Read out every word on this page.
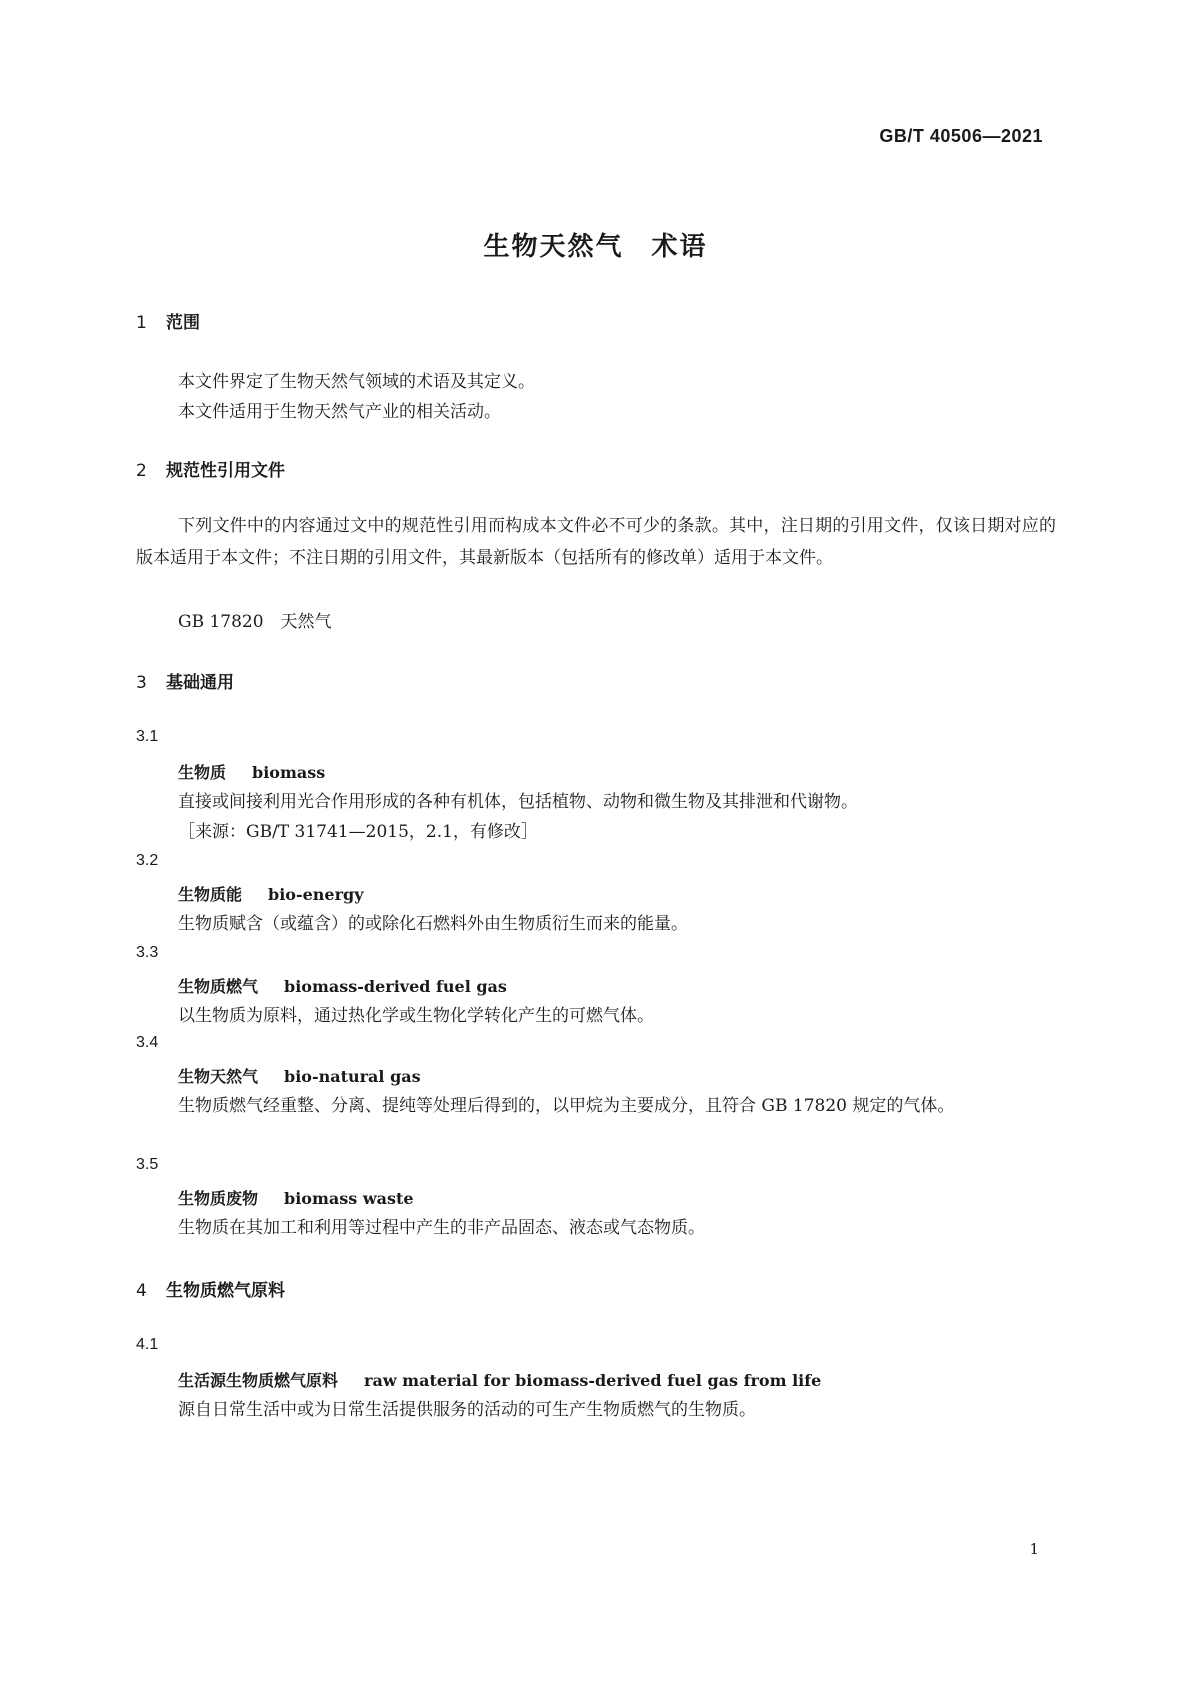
GB/T 40506—2021
生物天然气　术语
1 范围
本文件界定了生物天然气领域的术语及其定义。
本文件适用于生物天然气产业的相关活动。
2 规范性引用文件
下列文件中的内容通过文中的规范性引用而构成本文件必不可少的条款。其中，注日期的引用文件，仅该日期对应的版本适用于本文件；不注日期的引用文件，其最新版本（包括所有的修改单）适用于本文件。
GB 17820　天然气
3 基础通用
3.1
生物质 biomass
直接或间接利用光合作用形成的各种有机体，包括植物、动物和微生物及其排泄和代谢物。
［来源：GB/T 31741—2015，2.1，有修改］
3.2
生物质能 bio-energy
生物质赋含（或蕴含）的或除化石燃料外由生物质衍生而来的能量。
3.3
生物质燃气 biomass-derived fuel gas
以生物质为原料，通过热化学或生物化学转化产生的可燃气体。
3.4
生物天然气 bio-natural gas
生物质燃气经重整、分离、提纯等处理后得到的，以甲烷为主要成分，且符合 GB 17820 规定的气体。
3.5
生物质废物 biomass waste
生物质在其加工和利用等过程中产生的非产品固态、液态或气态物质。
4 生物质燃气原料
4.1
生活源生物质燃气原料 raw material for biomass-derived fuel gas from life
源自日常生活中或为日常生活提供服务的活动的可生产生物质燃气的生物质。
1
